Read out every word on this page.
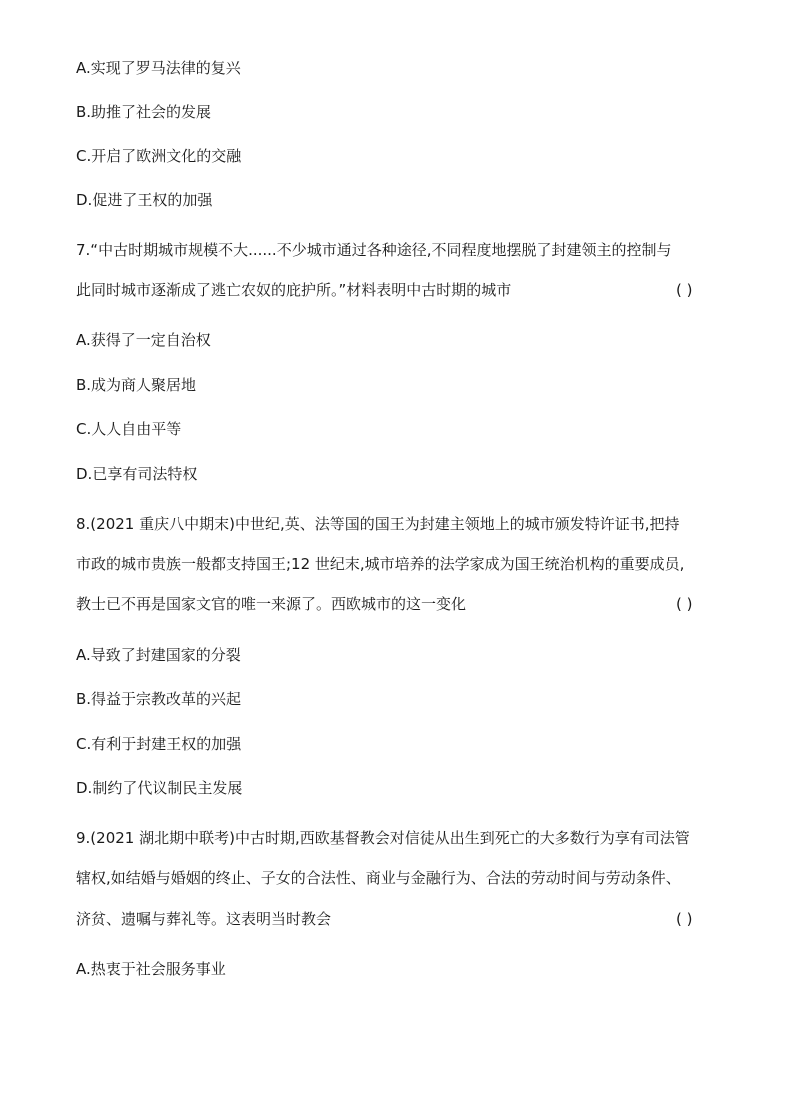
A.实现了罗马法律的复兴
B.助推了社会的发展
C.开启了欧洲文化的交融
D.促进了王权的加强
7.“中古时期城市规模不大......不少城市通过各种途径,不同程度地摆脱了封建领主的控制与
此同时城市逐渐成了逃亡农奴的庇护所。”材料表明中古时期的城市	( )
A.获得了一定自治权
B.成为商人聚居地
C.人人自由平等
D.已享有司法特权
8.(2021 重庆八中期末)中世纪,英、法等国的国王为封建主领地上的城市颁发特许证书,把持
市政的城市贵族一般都支持国王;12 世纪末,城市培养的法学家成为国王统治机构的重要成员,
教士已不再是国家文官的唯一来源了。西欧城市的这一变化	( )
A.导致了封建国家的分裂
B.得益于宗教改革的兴起
C.有利于封建王权的加强
D.制约了代议制民主发展
9.(2021 湖北期中联考)中古时期,西欧基督教会对信徒从出生到死亡的大多数行为享有司法管
辖权,如结婚与婚姻的终止、子女的合法性、商业与金融行为、合法的劳动时间与劳动条件、
济贫、遗嘱与葬礼等。这表明当时教会	( )
A.热衷于社会服务事业
